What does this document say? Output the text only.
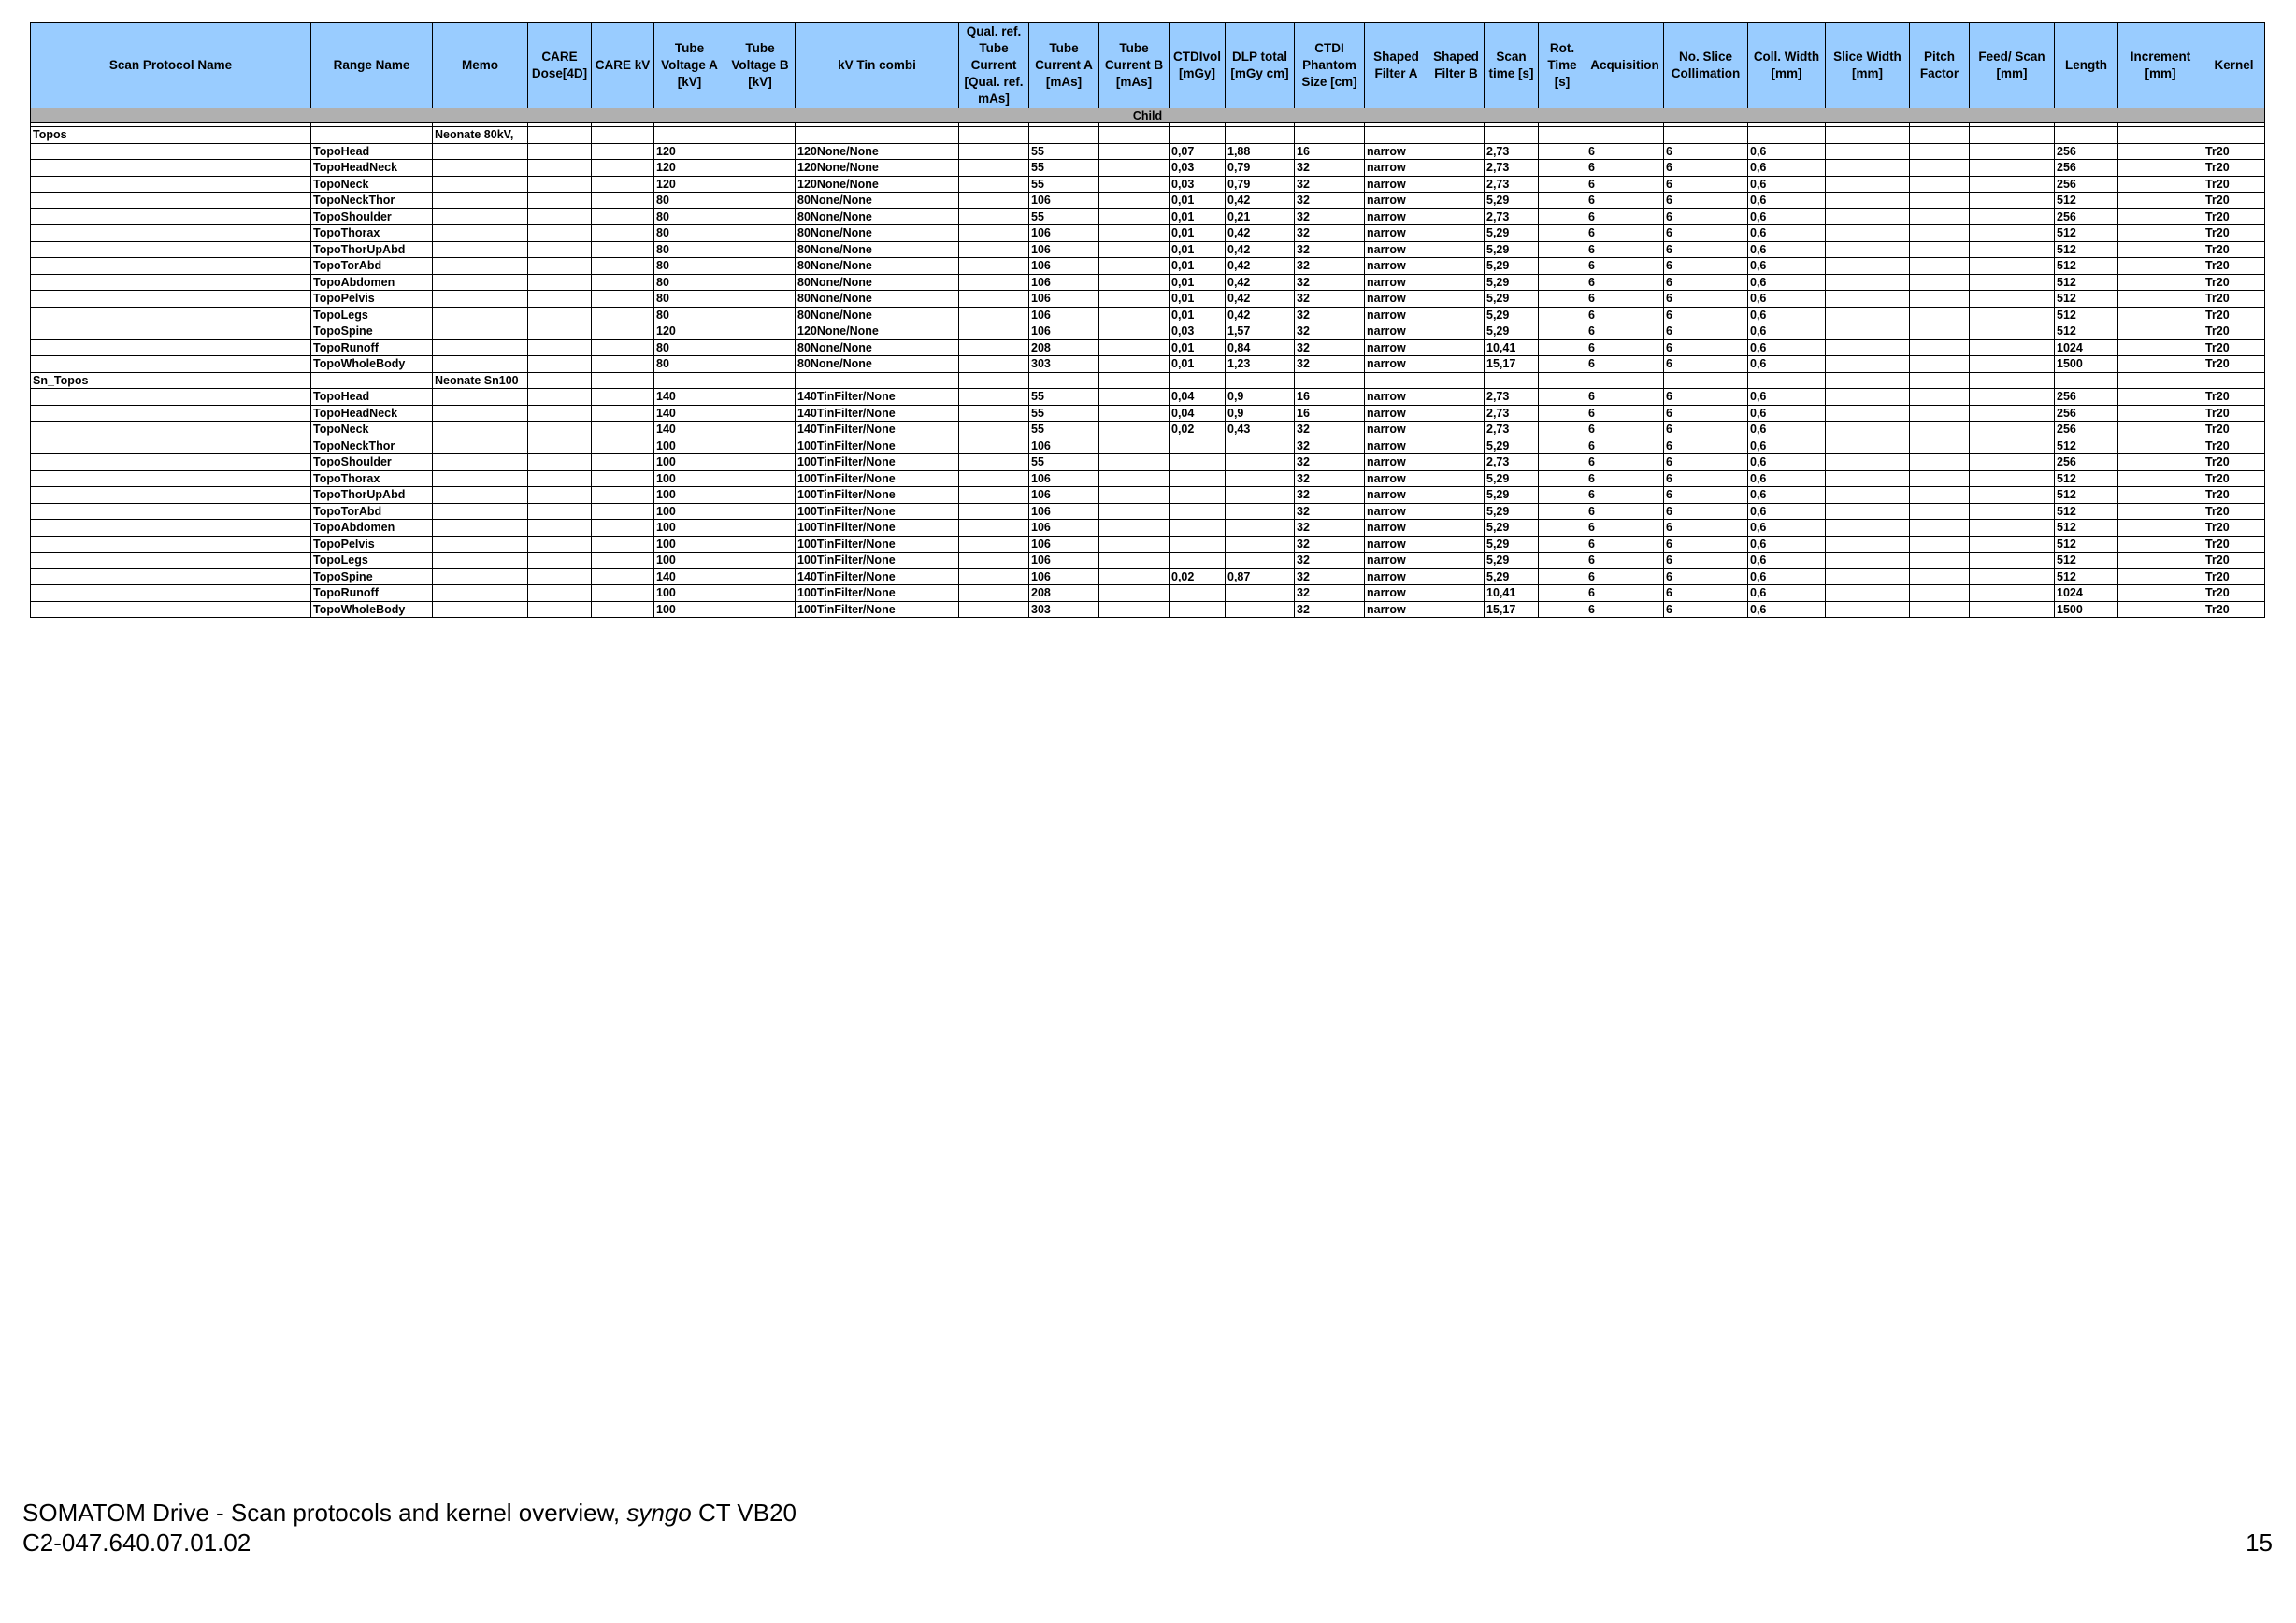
Scan Protocol Name	Range Name	Memo	CARE Dose[4D]	CARE kV	Tube Voltage A [kV]	Tube Voltage B [kV]	kV Tin combi	Qual. ref. Tube Current [Qual. ref. mAs]	Tube Current A [mAs]	Tube Current B [mAs]	CTDIvol [mGy]	DLP total [mGy cm]	CTDI Phantom Size [cm]	Shaped Filter A	Shaped Filter B	Scan time [s]	Rot. Time [s]	Acquisition	No. Slice Collimation	Coll. Width [mm]	Slice Width [mm]	Pitch Factor	Feed/ Scan [mm]	Length	Increment [mm]	Kernel
Child																										

Topos		Neonate 80kV,																								
	TopoHead				120		120None/None		55		0,07	1,88	16	narrow		2,73		6	6	0,6				256		Tr20
	TopoHeadNeck				120		120None/None		55		0,03	0,79	32	narrow		2,73		6	6	0,6				256		Tr20
	TopoNeck				120		120None/None		55		0,03	0,79	32	narrow		2,73		6	6	0,6				256		Tr20
	TopoNeckThor				80		80None/None		106		0,01	0,42	32	narrow		5,29		6	6	0,6				512		Tr20
	TopoShoulder				80		80None/None		55		0,01	0,21	32	narrow		2,73		6	6	0,6				256		Tr20
	TopoThorax				80		80None/None		106		0,01	0,42	32	narrow		5,29		6	6	0,6				512		Tr20
	TopoThorUpAbd				80		80None/None		106		0,01	0,42	32	narrow		5,29		6	6	0,6				512		Tr20
	TopoTorAbd				80		80None/None		106		0,01	0,42	32	narrow		5,29		6	6	0,6				512		Tr20
	TopoAbdomen				80		80None/None		106		0,01	0,42	32	narrow		5,29		6	6	0,6				512		Tr20
	TopoPelvis				80		80None/None		106		0,01	0,42	32	narrow		5,29		6	6	0,6				512		Tr20
	TopoLegs				80		80None/None		106		0,01	0,42	32	narrow		5,29		6	6	0,6				512		Tr20
	TopoSpine				120		120None/None		106		0,03	1,57	32	narrow		5,29		6	6	0,6				512		Tr20
	TopoRunoff				80		80None/None		208		0,01	0,84	32	narrow		10,41		6	6	0,6				1024		Tr20
	TopoWholeBody				80		80None/None		303		0,01	1,23	32	narrow		15,17		6	6	0,6				1500		Tr20
Sn_Topos		Neonate Sn100																								
	TopoHead				140		140TinFilter/None		55		0,04	0,9	16	narrow		2,73		6	6	0,6				256		Tr20
	TopoHeadNeck				140		140TinFilter/None		55		0,04	0,9	16	narrow		2,73		6	6	0,6				256		Tr20
	TopoNeck				140		140TinFilter/None		55		0,02	0,43	32	narrow		2,73		6	6	0,6				256		Tr20
	TopoNeckThor				100		100TinFilter/None		106				32	narrow		5,29		6	6	0,6				512		Tr20
	TopoShoulder				100		100TinFilter/None		55				32	narrow		2,73		6	6	0,6				256		Tr20
	TopoThorax				100		100TinFilter/None		106				32	narrow		5,29		6	6	0,6				512		Tr20
	TopoThorUpAbd				100		100TinFilter/None		106				32	narrow		5,29		6	6	0,6				512		Tr20
	TopoTorAbd				100		100TinFilter/None		106				32	narrow		5,29		6	6	0,6				512		Tr20
	TopoAbdomen				100		100TinFilter/None		106				32	narrow		5,29		6	6	0,6				512		Tr20
	TopoPelvis				100		100TinFilter/None		106				32	narrow		5,29		6	6	0,6				512		Tr20
	TopoLegs				100		100TinFilter/None		106				32	narrow		5,29		6	6	0,6				512		Tr20
	TopoSpine				140		140TinFilter/None		106		0,02	0,87	32	narrow		5,29		6	6	0,6				512		Tr20
	TopoRunoff				100		100TinFilter/None		208				32	narrow		10,41		6	6	0,6				1024		Tr20
	TopoWholeBody				100		100TinFilter/None		303				32	narrow		15,17		6	6	0,6				1500		Tr20
SOMATOM Drive - Scan protocols and kernel overview, syngo CT VB20
C2-047.640.07.01.02	15
